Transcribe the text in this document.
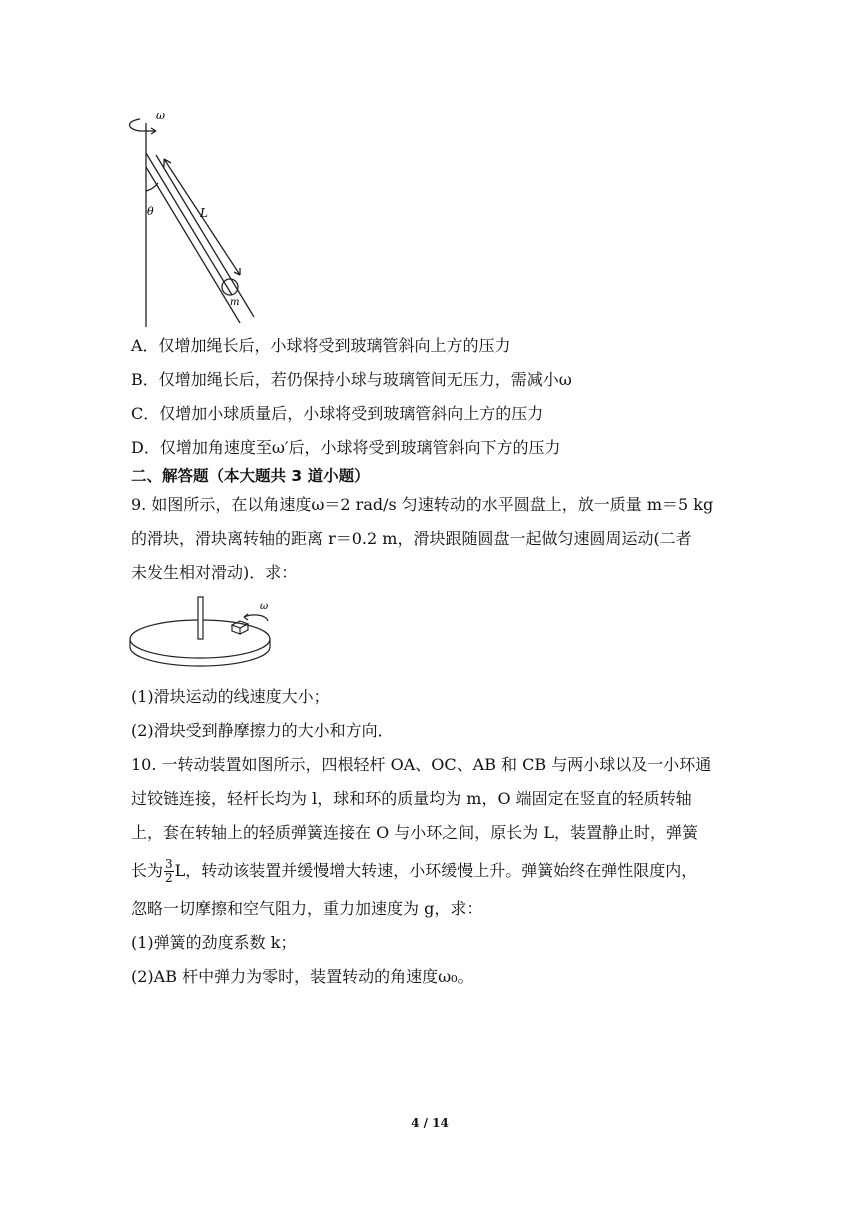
ω
θ	L
m
A．仅增加绳长后，小球将受到玻璃管斜向上方的压力
B．仅增加绳长后，若仍保持小球与玻璃管间无压力，需减小ω
C．仅增加小球质量后，小球将受到玻璃管斜向上方的压力
D．仅增加角速度至ω′后，小球将受到玻璃管斜向下方的压力
二、解答题（本大题共 3 道小题）
9. 如图所示，在以角速度ω＝2 rad/s 匀速转动的水平圆盘上，放一质量 m＝5 kg
的滑块，滑块离转轴的距离 r＝0.2 m，滑块跟随圆盘一起做匀速圆周运动(二者
未发生相对滑动)．求：
ω
(1)滑块运动的线速度大小；
(2)滑块受到静摩擦力的大小和方向．
10. 一转动装置如图所示，四根轻杆 OA、OC、AB 和 CB 与两小球以及一小环通
过铰链连接，轻杆长均为 l，球和环的质量均为 m，O 端固定在竖直的轻质转轴
上，套在转轴上的轻质弹簧连接在 O 与小环之间，原长为 L，装置静止时，弹簧
长为 $\frac{3}{2}$ L，转动该装置并缓慢增大转速，小环缓慢上升。弹簧始终在弹性限度内，
忽略一切摩擦和空气阻力，重力加速度为 g，求：
(1)弹簧的劲度系数 k；
(2)AB 杆中弹力为零时，装置转动的角速度ω₀。
4 / 14
